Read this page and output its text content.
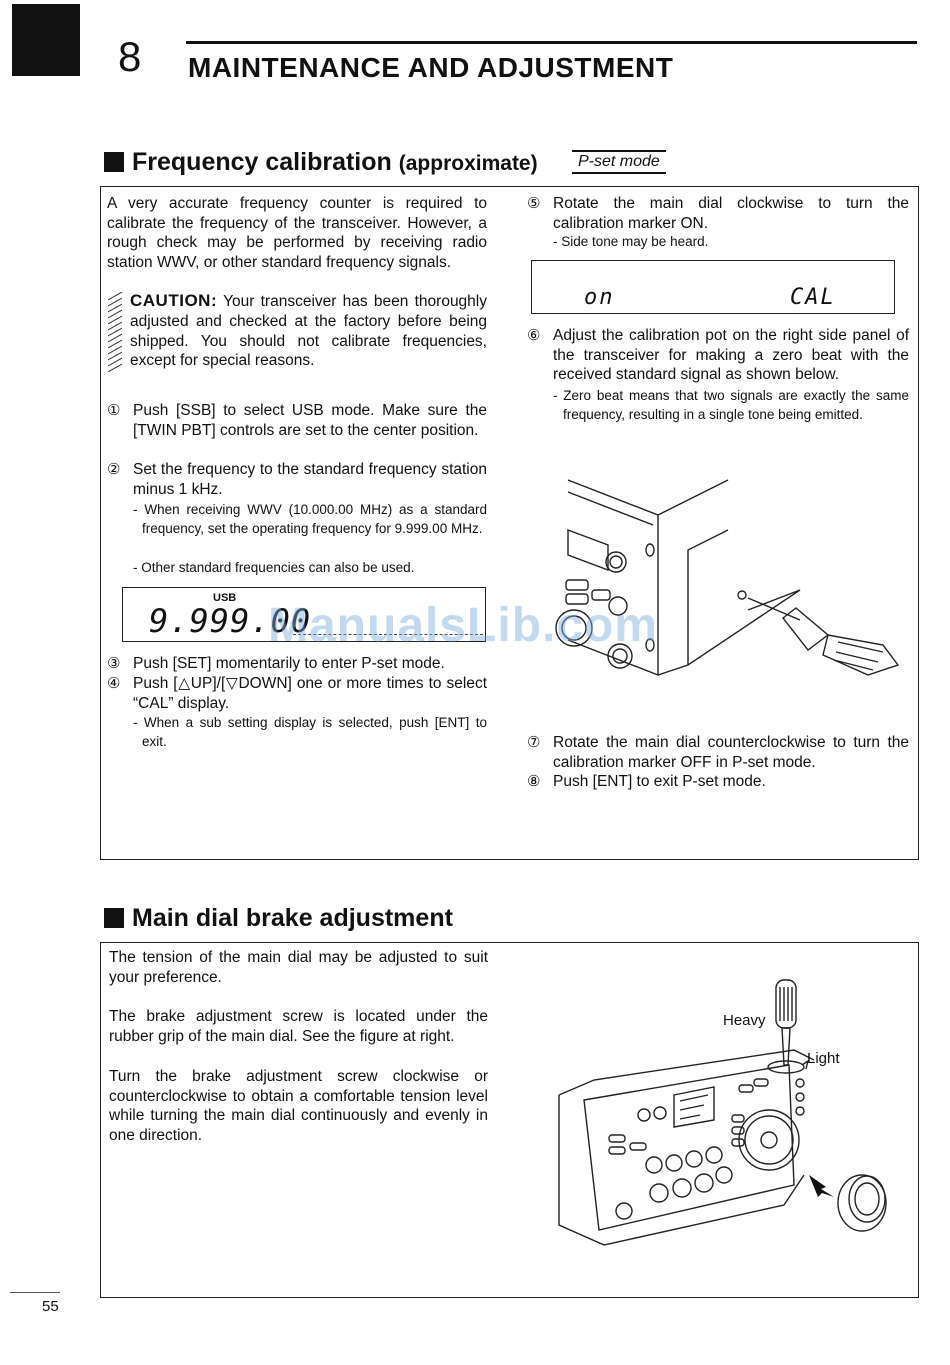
8 MAINTENANCE AND ADJUSTMENT
Frequency calibration (approximate)	P-set mode
A very accurate frequency counter is required to calibrate the frequency of the transceiver. However, a rough check may be performed by receiving radio station WWV, or other standard frequency signals.
CAUTION: Your transceiver has been thoroughly adjusted and checked at the factory before being shipped. You should not calibrate frequencies, except for special reasons.
① Push [SSB] to select USB mode. Make sure the [TWIN PBT] controls are set to the center position.
② Set the frequency to the standard frequency station minus 1 kHz.
- When receiving WWV (10.000.00 MHz) as a standard frequency, set the operating frequency for 9.999.00 MHz.
- Other standard frequencies can also be used.
USB
9.999.00
③ Push [SET] momentarily to enter P-set mode.
④ Push [△UP]/[▽DOWN] one or more times to select “CAL” display.
- When a sub setting display is selected, push [ENT] to exit.
⑤ Rotate the main dial clockwise to turn the calibration marker ON.
- Side tone may be heard.
on	CAL
⑥ Adjust the calibration pot on the right side panel of the transceiver for making a zero beat with the received standard signal as shown below.
- Zero beat means that two signals are exactly the same frequency, resulting in a single tone being emitted.
⑦ Rotate the main dial counterclockwise to turn the calibration marker OFF in P-set mode.
⑧ Push [ENT] to exit P-set mode.
ManualsLib.com
Main dial brake adjustment
The tension of the main dial may be adjusted to suit your preference.
The brake adjustment screw is located under the rubber grip of the main dial. See the figure at right.
Turn the brake adjustment screw clockwise or counterclockwise to obtain a comfortable tension level while turning the main dial continuously and evenly in one direction.
Heavy
Light
55
